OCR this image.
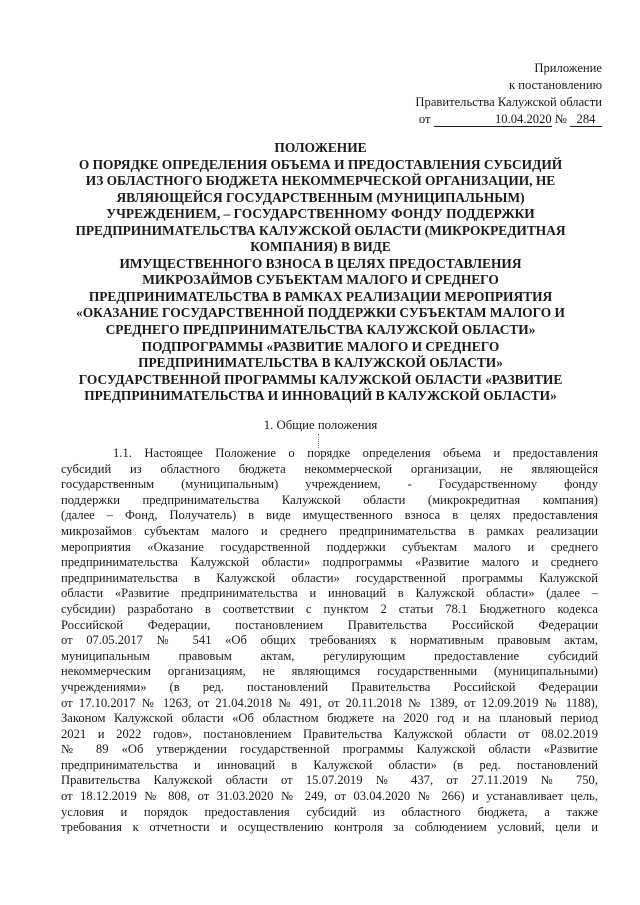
Приложение
к постановлению
Правительства Калужской области
от	10.04.2020 № 284
ПОЛОЖЕНИЕ
О ПОРЯДКЕ ОПРЕДЕЛЕНИЯ ОБЪЕМА И ПРЕДОСТАВЛЕНИЯ СУБСИДИЙ
ИЗ ОБЛАСТНОГО БЮДЖЕТА НЕКОММЕРЧЕСКОЙ ОРГАНИЗАЦИИ, НЕ
ЯВЛЯЮЩЕЙСЯ ГОСУДАРСТВЕННЫМ (МУНИЦИПАЛЬНЫМ)
УЧРЕЖДЕНИЕМ, – ГОСУДАРСТВЕННОМУ ФОНДУ ПОДДЕРЖКИ
ПРЕДПРИНИМАТЕЛЬСТВА КАЛУЖСКОЙ ОБЛАСТИ (МИКРОКРЕДИТНАЯ
КОМПАНИЯ) В ВИДЕ
ИМУЩЕСТВЕННОГО ВЗНОСА В ЦЕЛЯХ ПРЕДОСТАВЛЕНИЯ
МИКРОЗАЙМОВ СУБЪЕКТАМ МАЛОГО И СРЕДНЕГО
ПРЕДПРИНИМАТЕЛЬСТВА В РАМКАХ РЕАЛИЗАЦИИ МЕРОПРИЯТИЯ
«ОКАЗАНИЕ ГОСУДАРСТВЕННОЙ ПОДДЕРЖКИ СУБЪЕКТАМ МАЛОГО И
СРЕДНЕГО ПРЕДПРИНИМАТЕЛЬСТВА КАЛУЖСКОЙ ОБЛАСТИ»
ПОДПРОГРАММЫ «РАЗВИТИЕ МАЛОГО И СРЕДНЕГО
ПРЕДПРИНИМАТЕЛЬСТВА В КАЛУЖСКОЙ ОБЛАСТИ»
ГОСУДАРСТВЕННОЙ ПРОГРАММЫ КАЛУЖСКОЙ ОБЛАСТИ «РАЗВИТИЕ
ПРЕДПРИНИМАТЕЛЬСТВА И ИННОВАЦИЙ В КАЛУЖСКОЙ ОБЛАСТИ»
1. Общие положения
1.1. Настоящее Положение о порядке определения объема и предоставления
субсидий из областного бюджета некоммерческой организации, не являющейся
государственным (муниципальным) учреждением, - Государственному фонду
поддержки предпринимательства Калужской области (микрокредитная компания)
(далее – Фонд, Получатель) в виде имущественного взноса в целях предоставления
микрозаймов субъектам малого и среднего предпринимательства в рамках реализации
мероприятия «Оказание государственной поддержки субъектам малого и среднего
предпринимательства Калужской области» подпрограммы «Развитие малого и среднего
предпринимательства в Калужской области» государственной программы Калужской
области «Развитие предпринимательства и инноваций в Калужской области» (далее –
субсидии) разработано в соответствии с пунктом 2 статьи 78.1 Бюджетного кодекса
Российской Федерации, постановлением Правительства Российской Федерации
от 07.05.2017 № 541 «Об общих требованиях к нормативным правовым актам,
муниципальным правовым актам, регулирующим предоставление субсидий
некоммерческим организациям, не являющимся государственными (муниципальными)
учреждениями» (в ред. постановлений Правительства Российской Федерации
от 17.10.2017 № 1263, от 21.04.2018 № 491, от 20.11.2018 № 1389, от 12.09.2019 № 1188),
Законом Калужской области «Об областном бюджете на 2020 год и на плановый период
2021 и 2022 годов», постановлением Правительства Калужской области от 08.02.2019
№ 89 «Об утверждении государственной программы Калужской области «Развитие
предпринимательства и инноваций в Калужской области» (в ред. постановлений
Правительства Калужской области от 15.07.2019 № 437, от 27.11.2019 № 750,
от 18.12.2019 № 808, от 31.03.2020 № 249, от 03.04.2020 № 266) и устанавливает цель,
условия и порядок предоставления субсидий из областного бюджета, а также
требования к отчетности и осуществлению контроля за соблюдением условий, цели и
